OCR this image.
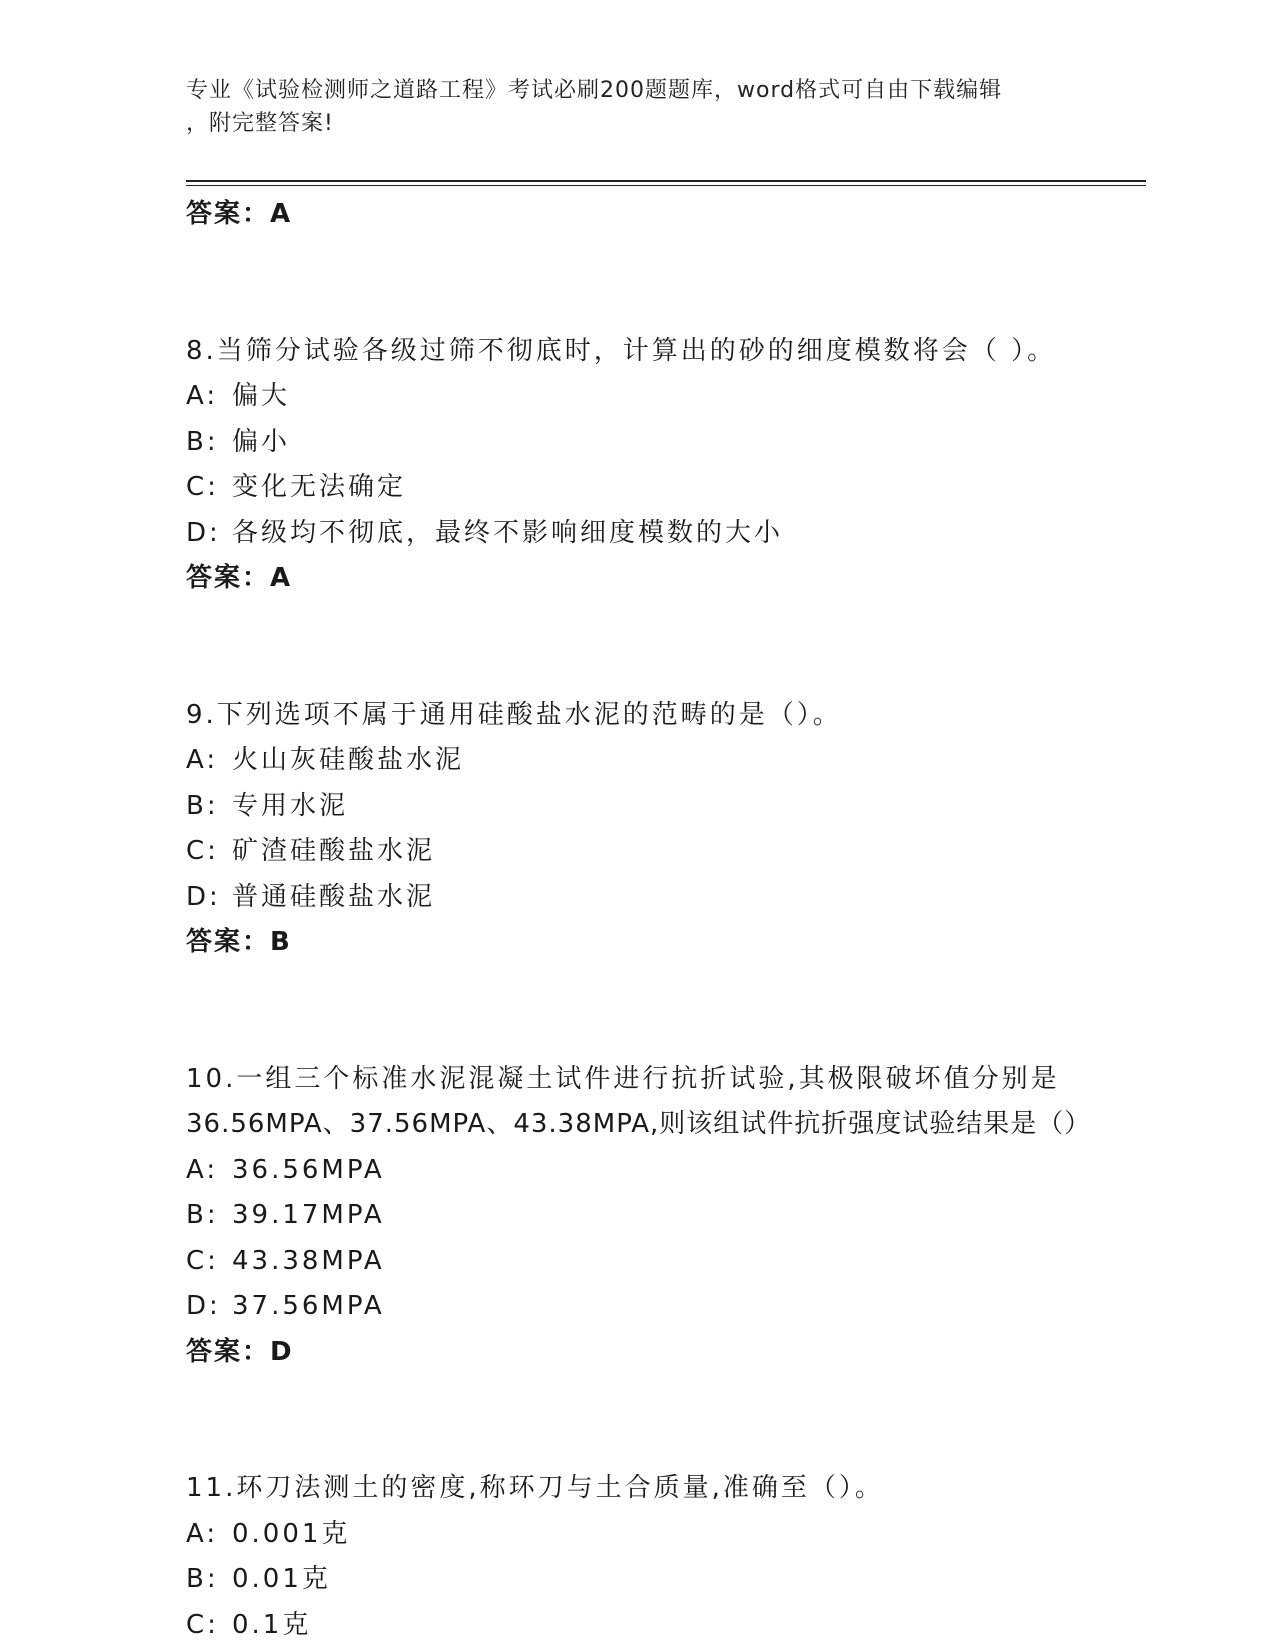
专业《试验检测师之道路工程》考试必刷200题题库，word格式可自由下载编辑
，附完整答案!
答案：A
8.当筛分试验各级过筛不彻底时，计算出的砂的细度模数将会（ ）。
A: 偏大
B: 偏小
C: 变化无法确定
D: 各级均不彻底，最终不影响细度模数的大小
答案：A
9.下列选项不属于通用硅酸盐水泥的范畴的是（）。
A: 火山灰硅酸盐水泥
B: 专用水泥
C: 矿渣硅酸盐水泥
D: 普通硅酸盐水泥
答案：B
10.一组三个标准水泥混凝土试件进行抗折试验,其极限破坏值分别是
36.56MPA、37.56MPA、43.38MPA,则该组试件抗折强度试验结果是（）
A: 36.56MPA
B: 39.17MPA
C: 43.38MPA
D: 37.56MPA
答案：D
11.环刀法测土的密度,称环刀与土合质量,准确至（）。
A: 0.001克
B: 0.01克
C: 0.1克
